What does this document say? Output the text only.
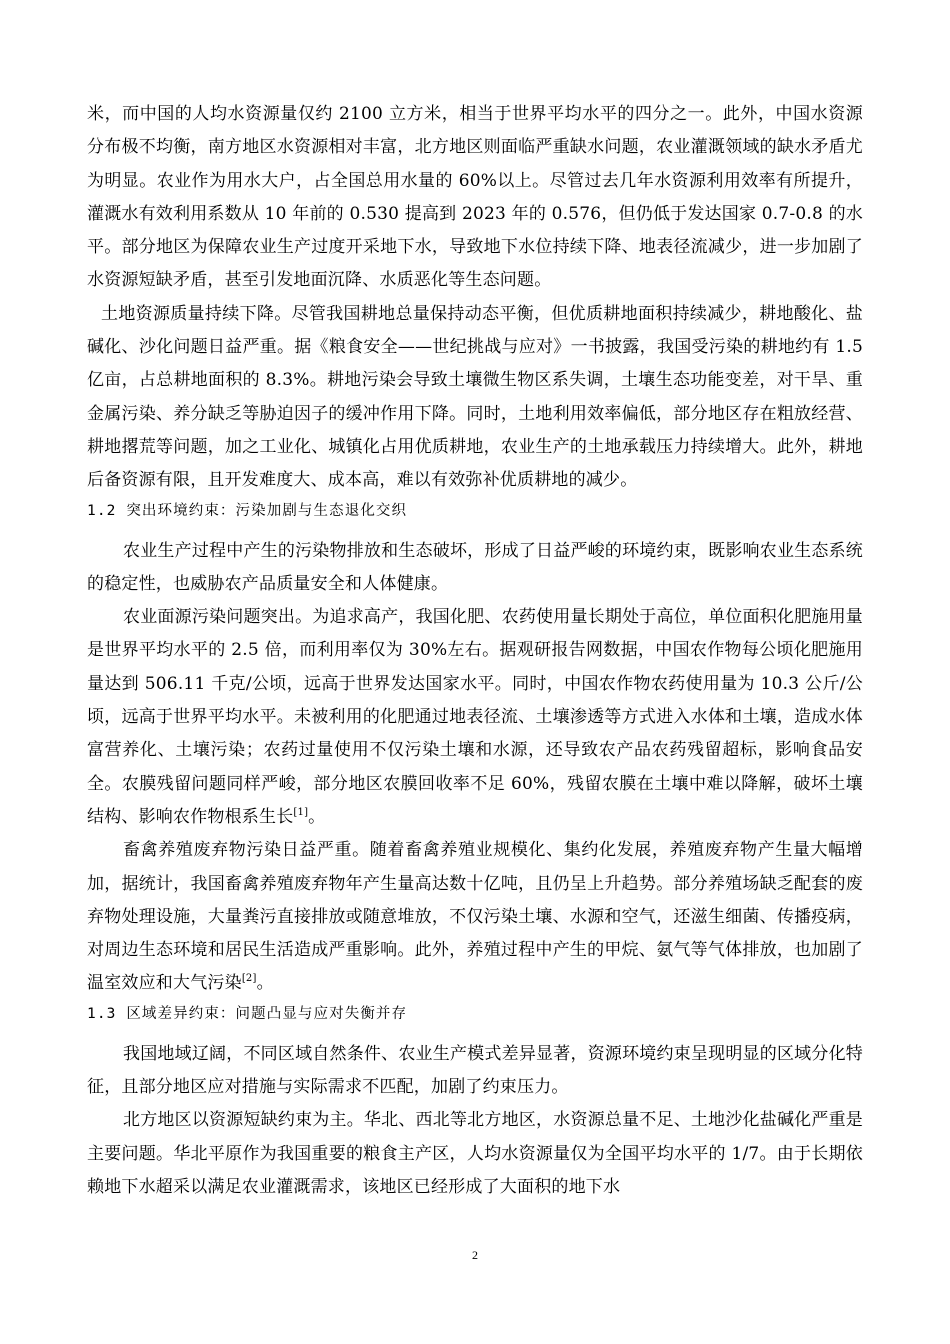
米，而中国的人均水资源量仅约 2100 立方米，相当于世界平均水平的四分之一。此外，中国水资源分布极不均衡，南方地区水资源相对丰富，北方地区则面临严重缺水问题，农业灌溉领域的缺水矛盾尤为明显。农业作为用水大户，占全国总用水量的 60%以上。尽管过去几年水资源利用效率有所提升，灌溉水有效利用系数从 10 年前的 0.530 提高到 2023 年的 0.576，但仍低于发达国家 0.7-0.8 的水平。部分地区为保障农业生产过度开采地下水，导致地下水位持续下降、地表径流减少，进一步加剧了水资源短缺矛盾，甚至引发地面沉降、水质恶化等生态问题。

土地资源质量持续下降。尽管我国耕地总量保持动态平衡，但优质耕地面积持续减少，耕地酸化、盐碱化、沙化问题日益严重。据《粮食安全——世纪挑战与应对》一书披露，我国受污染的耕地约有 1.5 亿亩，占总耕地面积的 8.3%。耕地污染会导致土壤微生物区系失调，土壤生态功能变差，对干旱、重金属污染、养分缺乏等胁迫因子的缓冲作用下降。同时，土地利用效率偏低，部分地区存在粗放经营、耕地撂荒等问题，加之工业化、城镇化占用优质耕地，农业生产的土地承载压力持续增大。此外，耕地后备资源有限，且开发难度大、成本高，难以有效弥补优质耕地的减少。

1.2 突出环境约束：污染加剧与生态退化交织

农业生产过程中产生的污染物排放和生态破坏，形成了日益严峻的环境约束，既影响农业生态系统的稳定性，也威胁农产品质量安全和人体健康。

农业面源污染问题突出。为追求高产，我国化肥、农药使用量长期处于高位，单位面积化肥施用量是世界平均水平的 2.5 倍，而利用率仅为 30%左右。据观研报告网数据，中国农作物每公顷化肥施用量达到 506.11 千克/公顷，远高于世界发达国家水平。同时，中国农作物农药使用量为 10.3 公斤/公顷，远高于世界平均水平。未被利用的化肥通过地表径流、土壤渗透等方式进入水体和土壤，造成水体富营养化、土壤污染；农药过量使用不仅污染土壤和水源，还导致农产品农药残留超标，影响食品安全。农膜残留问题同样严峻，部分地区农膜回收率不足 60%，残留农膜在土壤中难以降解，破坏土壤结构、影响农作物根系生长[1]。

畜禽养殖废弃物污染日益严重。随着畜禽养殖业规模化、集约化发展，养殖废弃物产生量大幅增加，据统计，我国畜禽养殖废弃物年产生量高达数十亿吨，且仍呈上升趋势。部分养殖场缺乏配套的废弃物处理设施，大量粪污直接排放或随意堆放，不仅污染土壤、水源和空气，还滋生细菌、传播疫病，对周边生态环境和居民生活造成严重影响。此外，养殖过程中产生的甲烷、氨气等气体排放，也加剧了温室效应和大气污染[2]。

1.3 区域差异约束：问题凸显与应对失衡并存

我国地域辽阔，不同区域自然条件、农业生产模式差异显著，资源环境约束呈现明显的区域分化特征，且部分地区应对措施与实际需求不匹配，加剧了约束压力。

北方地区以资源短缺约束为主。华北、西北等北方地区，水资源总量不足、土地沙化盐碱化严重是主要问题。华北平原作为我国重要的粮食主产区，人均水资源量仅为全国平均水平的 1/7。由于长期依赖地下水超采以满足农业灌溉需求，该地区已经形成了大面积的地下水

2
